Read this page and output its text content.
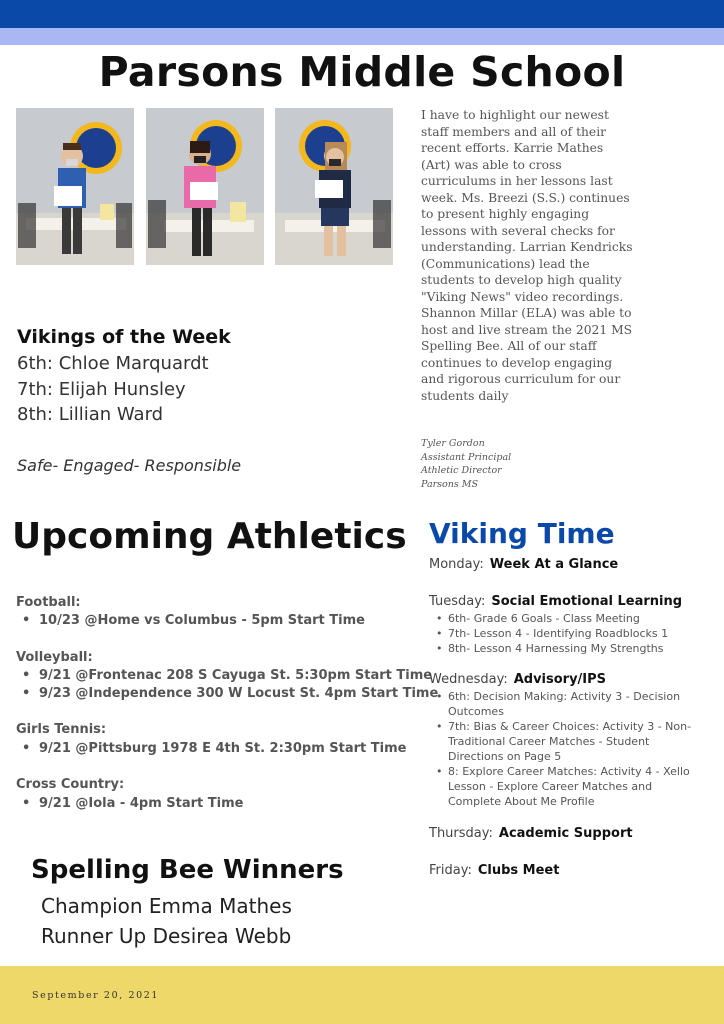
Parsons Middle School

I have to highlight our newest staff members and all of their recent efforts. Karrie Mathes (Art) was able to cross curriculums in her lessons last week. Ms. Breezi (S.S.) continues to present highly engaging lessons with several checks for understanding. Larrian Kendricks (Communications) lead the students to develop high quality "Viking News" video recordings. Shannon Millar (ELA) was able to host and live stream the 2021 MS Spelling Bee. All of our staff continues to develop engaging and rigorous curriculum for our students daily

Tyler Gordon
Assistant Principal
Athletic Director
Parsons MS
Vikings of the Week
6th: Chloe Marquardt
7th: Elijah Hunsley
8th: Lillian Ward
Safe- Engaged- Responsible
Upcoming Athletics
Football:
• 10/23 @Home vs Columbus - 5pm Start Time
Volleyball:
• 9/21 @Frontenac 208 S Cayuga St. 5:30pm Start Time
• 9/23 @Independence 300 W Locust St. 4pm Start Time
Girls Tennis:
• 9/21 @Pittsburg 1978 E 4th St. 2:30pm Start Time
Cross Country:
• 9/21 @Iola - 4pm Start Time
Viking Time
Monday: Week At a Glance
Tuesday: Social Emotional Learning
• 6th- Grade 6 Goals - Class Meeting
• 7th- Lesson 4 - Identifying Roadblocks 1
• 8th- Lesson 4 Harnessing My Strengths
Wednesday: Advisory/IPS
• 6th: Decision Making: Activity 3 - Decision Outcomes
• 7th: Bias & Career Choices: Activity 3 - Non-Traditional Career Matches - Student Directions on Page 5
• 8: Explore Career Matches: Activity 4 - Xello Lesson - Explore Career Matches and Complete About Me Profile
Thursday: Academic Support
Friday: Clubs Meet
Spelling Bee Winners
Champion Emma Mathes
Runner Up Desirea Webb
September 20, 2021
